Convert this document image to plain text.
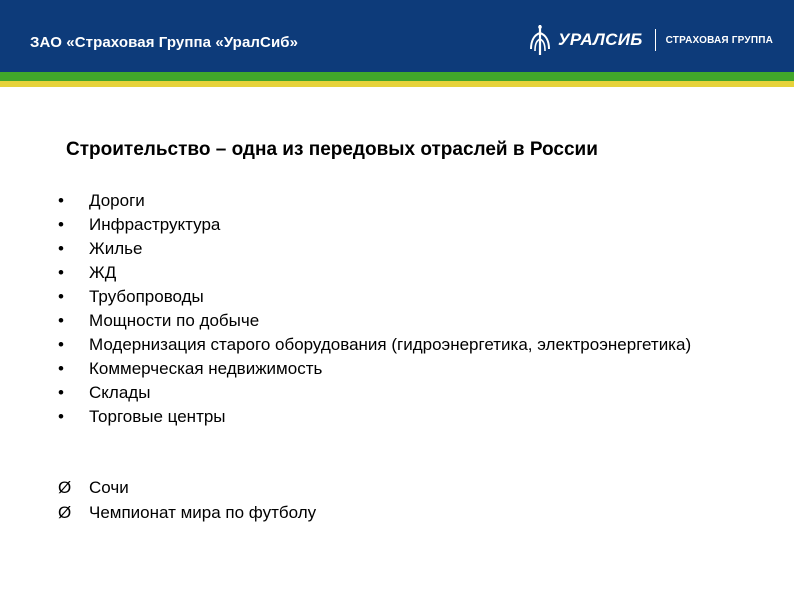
ЗАО «Страховая Группа «УралСиб»	УРАЛСИБ СТРАХОВАЯ ГРУППА
Строительство – одна из передовых отраслей в России
•	Дороги
•	Инфраструктура
•	Жилье
•	ЖД
•	Трубопроводы
•	Мощности по добыче
•	Модернизация старого оборудования (гидроэнергетика, электроэнергетика)
•	Коммерческая недвижимость
•	Склады
•	Торговые центры
Ø	Сочи
Ø	Чемпионат мира по футболу
